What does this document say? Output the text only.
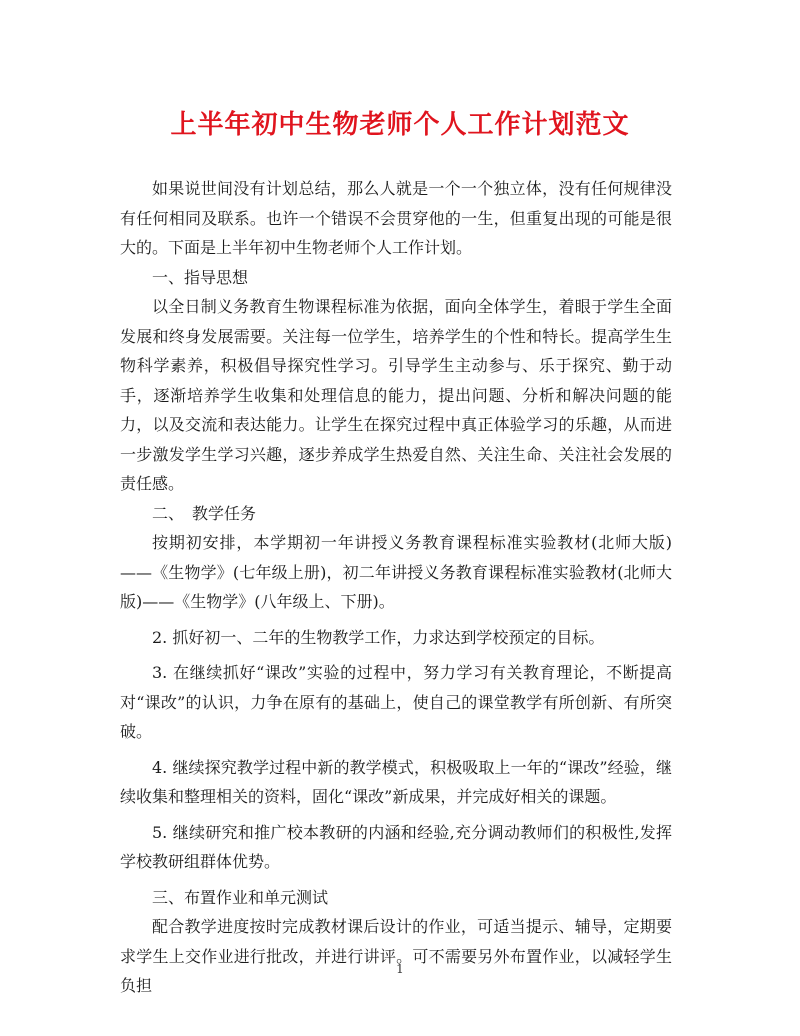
上半年初中生物老师个人工作计划范文

如果说世间没有计划总结，那么人就是一个一个独立体，没有任何规律没有任何相同及联系。也许一个错误不会贯穿他的一生，但重复出现的可能是很大的。下面是上半年初中生物老师个人工作计划。

一、指导思想

以全日制义务教育生物课程标准为依据，面向全体学生，着眼于学生全面发展和终身发展需要。关注每一位学生，培养学生的个性和特长。提高学生生物科学素养，积极倡导探究性学习。引导学生主动参与、乐于探究、勤于动手，逐渐培养学生收集和处理信息的能力，提出问题、分析和解决问题的能力，以及交流和表达能力。让学生在探究过程中真正体验学习的乐趣，从而进一步激发学生学习兴趣，逐步养成学生热爱自然、关注生命、关注社会发展的责任感。

二、　教学任务

按期初安排，本学期初一年讲授义务教育课程标准实验教材(北师大版)——《生物学》(七年级上册)，初二年讲授义务教育课程标准实验教材(北师大版)——《生物学》(八年级上、下册)。

2. 抓好初一、二年的生物教学工作，力求达到学校预定的目标。

3. 在继续抓好“课改”实验的过程中，努力学习有关教育理论，不断提高对“课改”的认识，力争在原有的基础上，使自己的课堂教学有所创新、有所突破。

4. 继续探究教学过程中新的教学模式，积极吸取上一年的“课改”经验，继续收集和整理相关的资料，固化“课改”新成果，并完成好相关的课题。

5. 继续研究和推广校本教研的内涵和经验,充分调动教师们的积极性,发挥学校教研组群体优势。

三、布置作业和单元测试

配合教学进度按时完成教材课后设计的作业，可适当提示、辅导，定期要求学生上交作业进行批改，并进行讲评。可不需要另外布置作业，以减轻学生负担

1
